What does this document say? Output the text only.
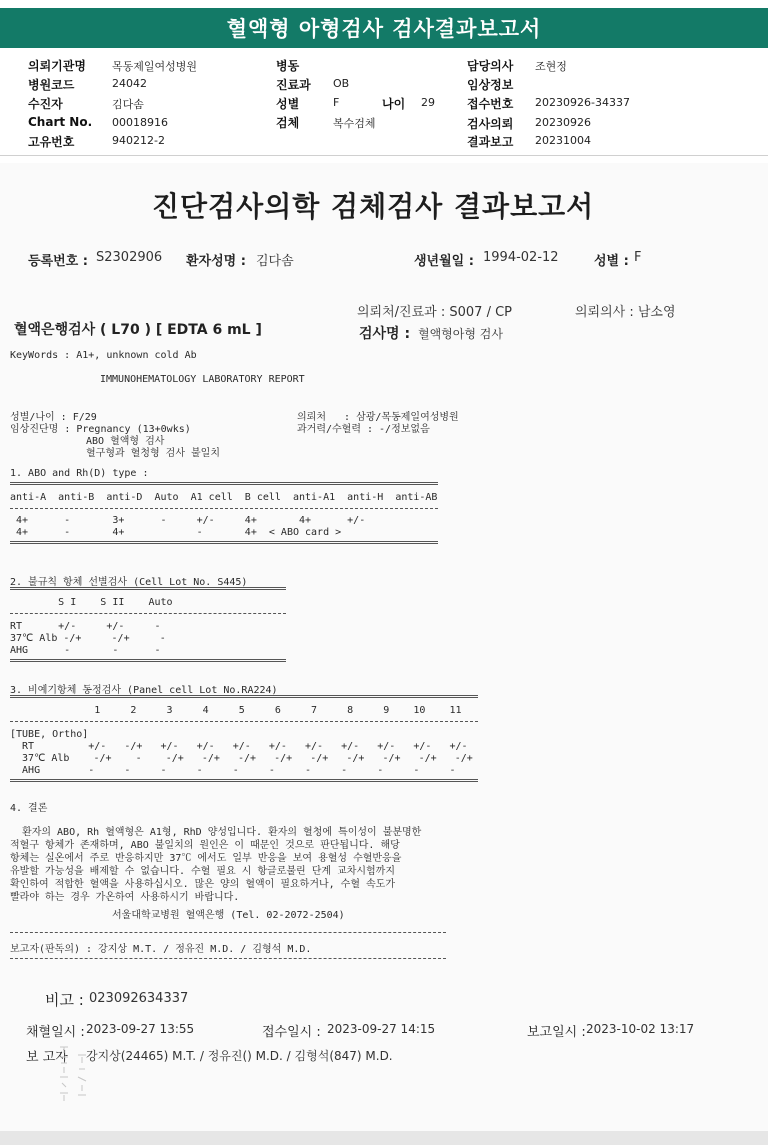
혈액형 아형검사 검사결과보고서
의뢰기관명 목동제일여성병원
병원코드	24042
수진자	김다솜
Chart No. 00018916
고유번호	940212-2
병동
진료과 OB
성별	F	나이 29
검체	복수검체
담당의사 조현정
임상정보
접수번호 20230926-34337
검사의뢰 20230926
결과보고 20231004
진단검사의학 검체검사 결과보고서
등록번호 : S2302906 환자성명 : 김다솜	생년월일 : 1994-02-12	성별 : F
의뢰처/진료과 : S007 / CP	의뢰의사 : 남소영
혈액은행검사 ( L70 ) [ EDTA 6 mL ]	검사명 : 혈액형아형 검사
KeyWords : A1+, unknown cold Ab
IMMUNOHEMATOLOGY LABORATORY REPORT
성별/나이 : F/29	의뢰처   : 삼광/목동제일여성병원
임상진단명 : Pregnancy (13+0wks)	과거력/수혈력 : -/정보없음
ABO 혈액형 검사
혈구형과 혈청형 검사 불일치
1. ABO and Rh(D) type :
anti-A  anti-B  anti-D  Auto  A1 cell  B cell  anti-A1  anti-H  anti-AB
4+      -       3+      -     +/-     4+       4+      +/-
4+      -       4+            -       4+  < ABO card >
2. 불규칙 항체 선별검사 (Cell Lot No. S445)
S I    S II    Auto
RT      +/-     +/-     -
37℃ Alb -/+     -/+     -
AHG      -       -      -
3. 비예기항체 동정검사 (Panel cell Lot No.RA224)
1     2     3     4     5     6     7     8     9    10    11
[TUBE, Ortho]
RT         +/-   -/+   +/-   +/-   +/-   +/-   +/-   +/-   +/-   +/-   +/-
37℃ Alb    -/+    -    -/+   -/+   -/+   -/+   -/+   -/+   -/+   -/+   -/+
AHG        -     -     -     -     -     -     -     -     -     -     -
4. 결론
환자의 ABO, Rh 혈액형은 A1형, RhD 양성입니다. 환자의 혈청에 특이성이 불분명한
적혈구 항체가 존재하며, ABO 불일치의 원인은 이 때문인 것으로 판단됩니다. 해당
항체는 실온에서 주로 반응하지만 37℃ 에서도 일부 반응을 보여 용혈성 수혈반응을
유발할 가능성을 배제할 수 없습니다. 수혈 필요 시 항글로불린 단계 교차시험까지
확인하여 적합한 혈액을 사용하십시오. 많은 양의 혈액이 필요하거나, 수혈 속도가
빨라야 하는 경우 가온하여 사용하시기 바랍니다.
서울대학교병원 혈액은행 (Tel. 02-2072-2504)
보고자(판독의) : 강지상 M.T. / 정유진 M.D. / 김형석 M.D.
비고 : 023092634337
채혈일시 : 2023-09-27 13:55	접수일시 : 2023-09-27 14:15	보고일시 : 2023-10-02 13:17
보 고자 강지상(24465) M.T. / 정유진() M.D. / 김형석(847) M.D.
